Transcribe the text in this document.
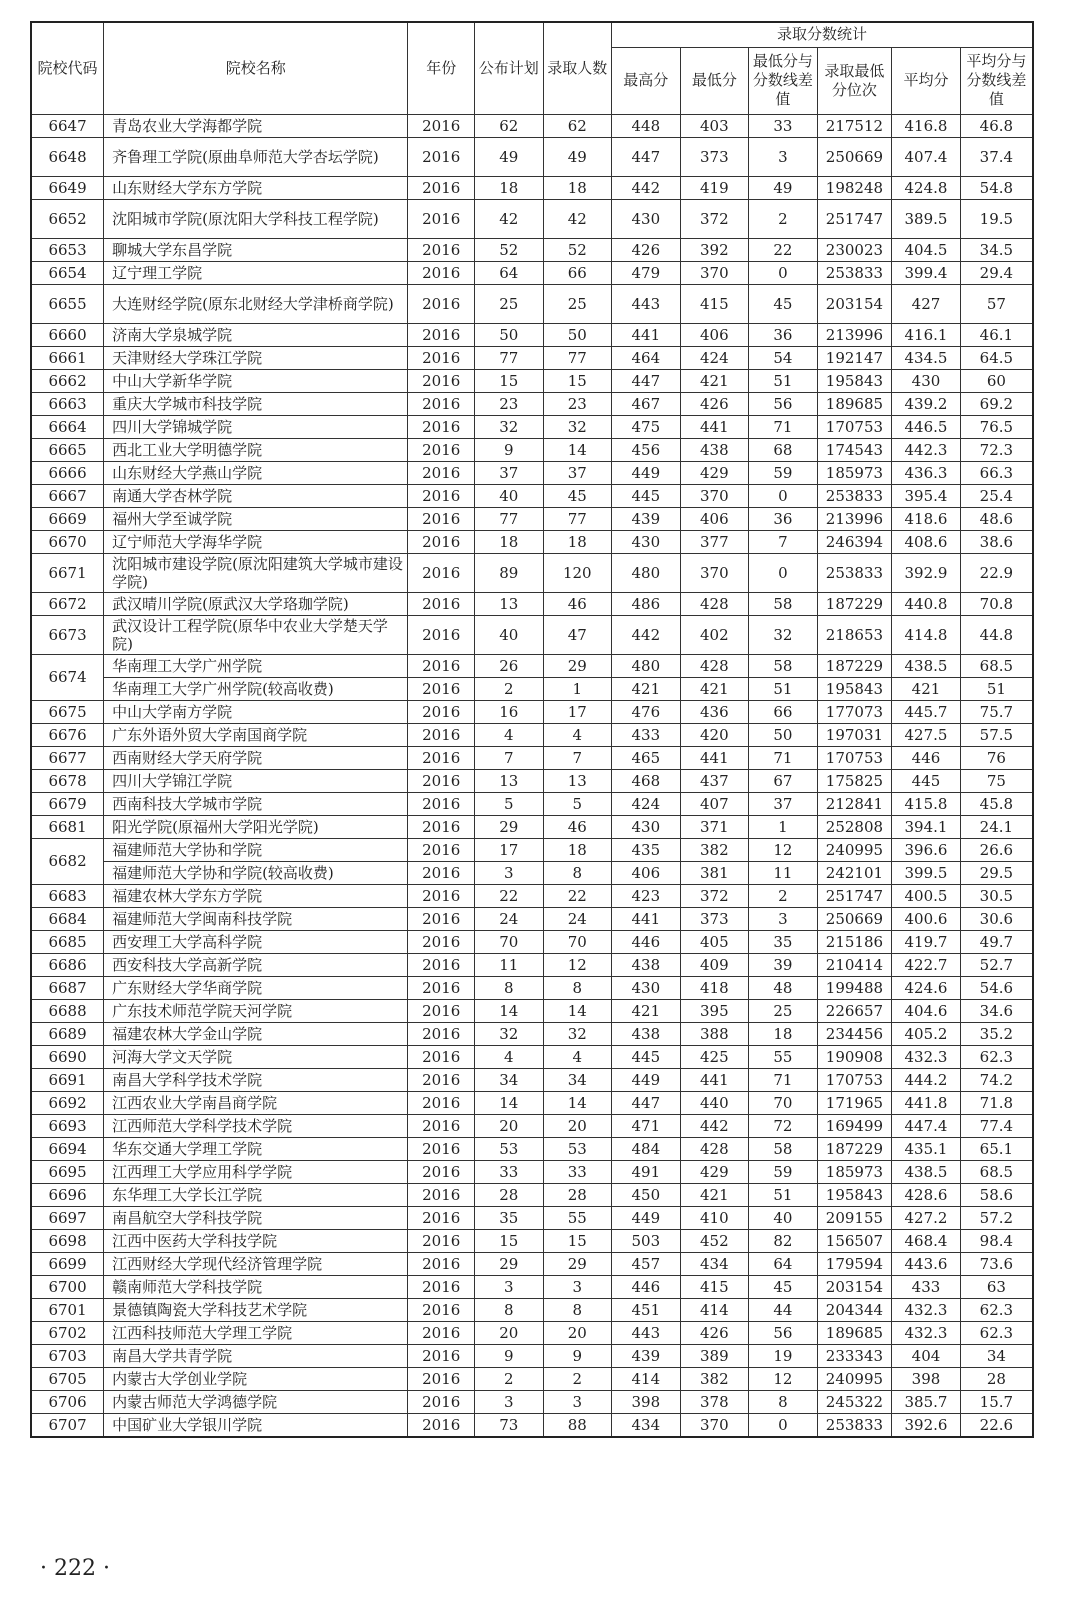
院校代码	院校名称	年份	公布计划	录取人数	录取分数统计					
					最高分	最低分	最低分与分数线差值	录取最低分位次	平均分	平均分与分数线差值
6647	青岛农业大学海都学院	2016	62	62	448	403	33	217512	416.8	46.8
6648	齐鲁理工学院(原曲阜师范大学杏坛学院)	2016	49	49	447	373	3	250669	407.4	37.4
6649	山东财经大学东方学院	2016	18	18	442	419	49	198248	424.8	54.8
6652	沈阳城市学院(原沈阳大学科技工程学院)	2016	42	42	430	372	2	251747	389.5	19.5
6653	聊城大学东昌学院	2016	52	52	426	392	22	230023	404.5	34.5
6654	辽宁理工学院	2016	64	66	479	370	0	253833	399.4	29.4
6655	大连财经学院(原东北财经大学津桥商学院)	2016	25	25	443	415	45	203154	427	57
6660	济南大学泉城学院	2016	50	50	441	406	36	213996	416.1	46.1
6661	天津财经大学珠江学院	2016	77	77	464	424	54	192147	434.5	64.5
6662	中山大学新华学院	2016	15	15	447	421	51	195843	430	60
6663	重庆大学城市科技学院	2016	23	23	467	426	56	189685	439.2	69.2
6664	四川大学锦城学院	2016	32	32	475	441	71	170753	446.5	76.5
6665	西北工业大学明德学院	2016	9	14	456	438	68	174543	442.3	72.3
6666	山东财经大学燕山学院	2016	37	37	449	429	59	185973	436.3	66.3
6667	南通大学杏林学院	2016	40	45	445	370	0	253833	395.4	25.4
6669	福州大学至诚学院	2016	77	77	439	406	36	213996	418.6	48.6
6670	辽宁师范大学海华学院	2016	18	18	430	377	7	246394	408.6	38.6
6671	沈阳城市建设学院(原沈阳建筑大学城市建设学院)	2016	89	120	480	370	0	253833	392.9	22.9
6672	武汉晴川学院(原武汉大学珞珈学院)	2016	13	46	486	428	58	187229	440.8	70.8
6673	武汉设计工程学院(原华中农业大学楚天学院)	2016	40	47	442	402	32	218653	414.8	44.8
6674	华南理工大学广州学院	2016	26	29	480	428	58	187229	438.5	68.5
	华南理工大学广州学院(较高收费)	2016	2	1	421	421	51	195843	421	51
6675	中山大学南方学院	2016	16	17	476	436	66	177073	445.7	75.7
6676	广东外语外贸大学南国商学院	2016	4	4	433	420	50	197031	427.5	57.5
6677	西南财经大学天府学院	2016	7	7	465	441	71	170753	446	76
6678	四川大学锦江学院	2016	13	13	468	437	67	175825	445	75
6679	西南科技大学城市学院	2016	5	5	424	407	37	212841	415.8	45.8
6681	阳光学院(原福州大学阳光学院)	2016	29	46	430	371	1	252808	394.1	24.1
6682	福建师范大学协和学院	2016	17	18	435	382	12	240995	396.6	26.6
	福建师范大学协和学院(较高收费)	2016	3	8	406	381	11	242101	399.5	29.5
6683	福建农林大学东方学院	2016	22	22	423	372	2	251747	400.5	30.5
6684	福建师范大学闽南科技学院	2016	24	24	441	373	3	250669	400.6	30.6
6685	西安理工大学高科学院	2016	70	70	446	405	35	215186	419.7	49.7
6686	西安科技大学高新学院	2016	11	12	438	409	39	210414	422.7	52.7
6687	广东财经大学华商学院	2016	8	8	430	418	48	199488	424.6	54.6
6688	广东技术师范学院天河学院	2016	14	14	421	395	25	226657	404.6	34.6
6689	福建农林大学金山学院	2016	32	32	438	388	18	234456	405.2	35.2
6690	河海大学文天学院	2016	4	4	445	425	55	190908	432.3	62.3
6691	南昌大学科学技术学院	2016	34	34	449	441	71	170753	444.2	74.2
6692	江西农业大学南昌商学院	2016	14	14	447	440	70	171965	441.8	71.8
6693	江西师范大学科学技术学院	2016	20	20	471	442	72	169499	447.4	77.4
6694	华东交通大学理工学院	2016	53	53	484	428	58	187229	435.1	65.1
6695	江西理工大学应用科学学院	2016	33	33	491	429	59	185973	438.5	68.5
6696	东华理工大学长江学院	2016	28	28	450	421	51	195843	428.6	58.6
6697	南昌航空大学科技学院	2016	35	55	449	410	40	209155	427.2	57.2
6698	江西中医药大学科技学院	2016	15	15	503	452	82	156507	468.4	98.4
6699	江西财经大学现代经济管理学院	2016	29	29	457	434	64	179594	443.6	73.6
6700	赣南师范大学科技学院	2016	3	3	446	415	45	203154	433	63
6701	景德镇陶瓷大学科技艺术学院	2016	8	8	451	414	44	204344	432.3	62.3
6702	江西科技师范大学理工学院	2016	20	20	443	426	56	189685	432.3	62.3
6703	南昌大学共青学院	2016	9	9	439	389	19	233343	404	34
6705	内蒙古大学创业学院	2016	2	2	414	382	12	240995	398	28
6706	内蒙古师范大学鸿德学院	2016	3	3	398	378	8	245322	385.7	15.7
6707	中国矿业大学银川学院	2016	73	88	434	370	0	253833	392.6	22.6
· 222 ·
